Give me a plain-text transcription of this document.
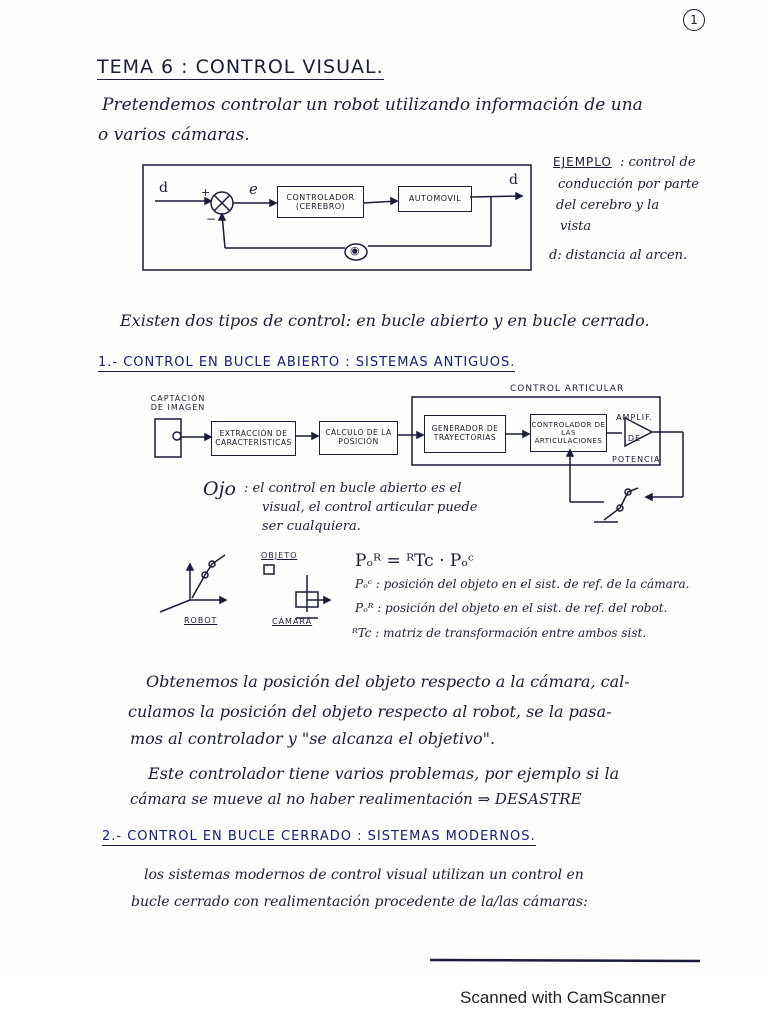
1
TEMA 6 : CONTROL VISUAL.
Pretendemos controlar un robot utilizando información de una
o varios cámaras.
d	+
−
e	CONTROLADOR (CEREBRO)
AUTOMOVIL
d
◉
EJEMPLO : control de
conducción por parte
del cerebro y la
vista
d: distancia al arcen.
Existen dos tipos de control: en bucle abierto y en bucle cerrado.
1.- CONTROL EN BUCLE ABIERTO : SISTEMAS ANTIGUOS.
CAPTACIÓN DE IMAGEN
CONTROL ARTICULAR
EXTRACCIÓN DE CARACTERÍSTICAS
CÁLCULO DE LA POSICIÓN
GENERADOR DE TRAYECTORIAS
CONTROLADOR DE LAS ARTICULACIONES
AMPLIF. DE POTENCIA
Ojo : el control en bucle abierto es el
visual, el control articular puede
ser cualquiera.
OBJETO
ROBOT	CÁMARA
Pₒᴿ = ᴿTc · Pₒᶜ
Pₒᶜ : posición del objeto en el sist. de ref. de la cámara.
Pₒᴿ : posición del objeto en el sist. de ref. del robot.
ᴿTc : matriz de transformación entre ambos sist.
Obtenemos la posición del objeto respecto a la cámara, cal-
culamos la posición del objeto respecto al robot, se la pasa-
mos al controlador y "se alcanza el objetivo".
Este controlador tiene varios problemas, por ejemplo si la
cámara se mueve al no haber realimentación ⇒ DESASTRE
2.- CONTROL EN BUCLE CERRADO : SISTEMAS MODERNOS.
los sistemas modernos de control visual utilizan un control en
bucle cerrado con realimentación procedente de la/las cámaras:
Scanned with CamScanner
